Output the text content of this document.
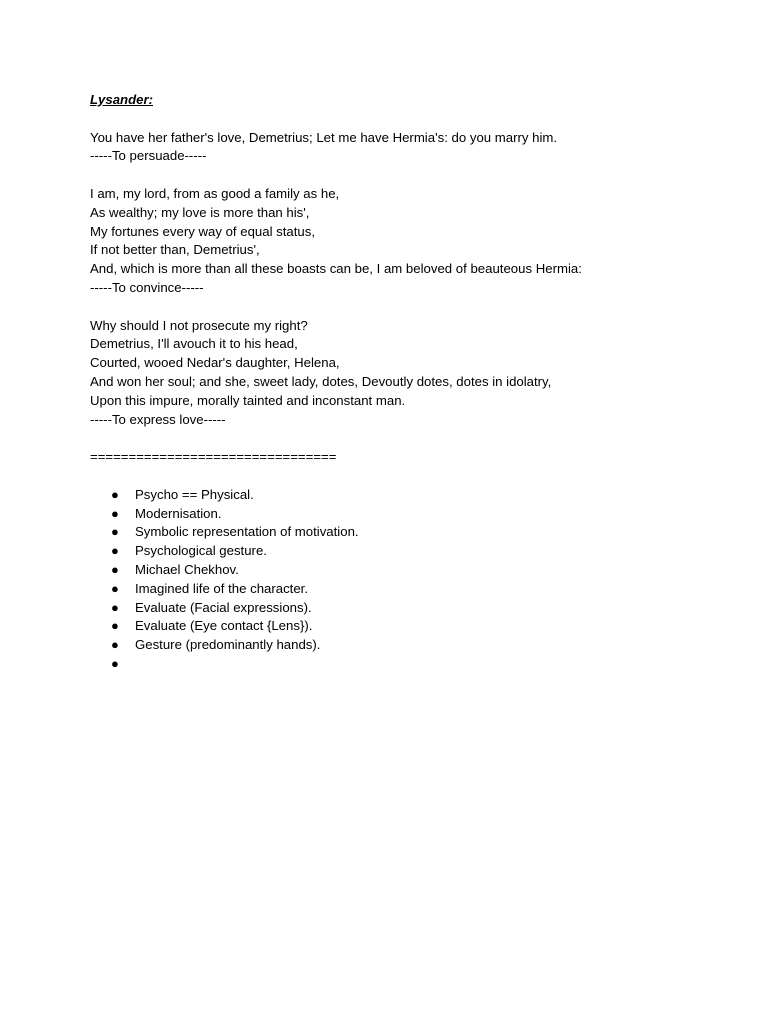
Lysander:
You have her father's love, Demetrius; Let me have Hermia's: do you marry him.
-----To persuade-----
I am, my lord, from as good a family as he,
As wealthy; my love is more than his',
My fortunes every way of equal status,
If not better than, Demetrius',
And, which is more than all these boasts can be, I am beloved of beauteous Hermia:
-----To convince-----
Why should I not prosecute my right?
Demetrius, I'll avouch it to his head,
Courted, wooed Nedar's daughter, Helena,
And won her soul; and she, sweet lady, dotes, Devoutly dotes, dotes in idolatry,
Upon this impure, morally tainted and inconstant man.
-----To express love-----
================================
● Psycho == Physical.
● Modernisation.
● Symbolic representation of motivation.
● Psychological gesture.
● Michael Chekhov.
● Imagined life of the character.
● Evaluate (Facial expressions).
● Evaluate (Eye contact {Lens}).
● Gesture (predominantly hands).
●
